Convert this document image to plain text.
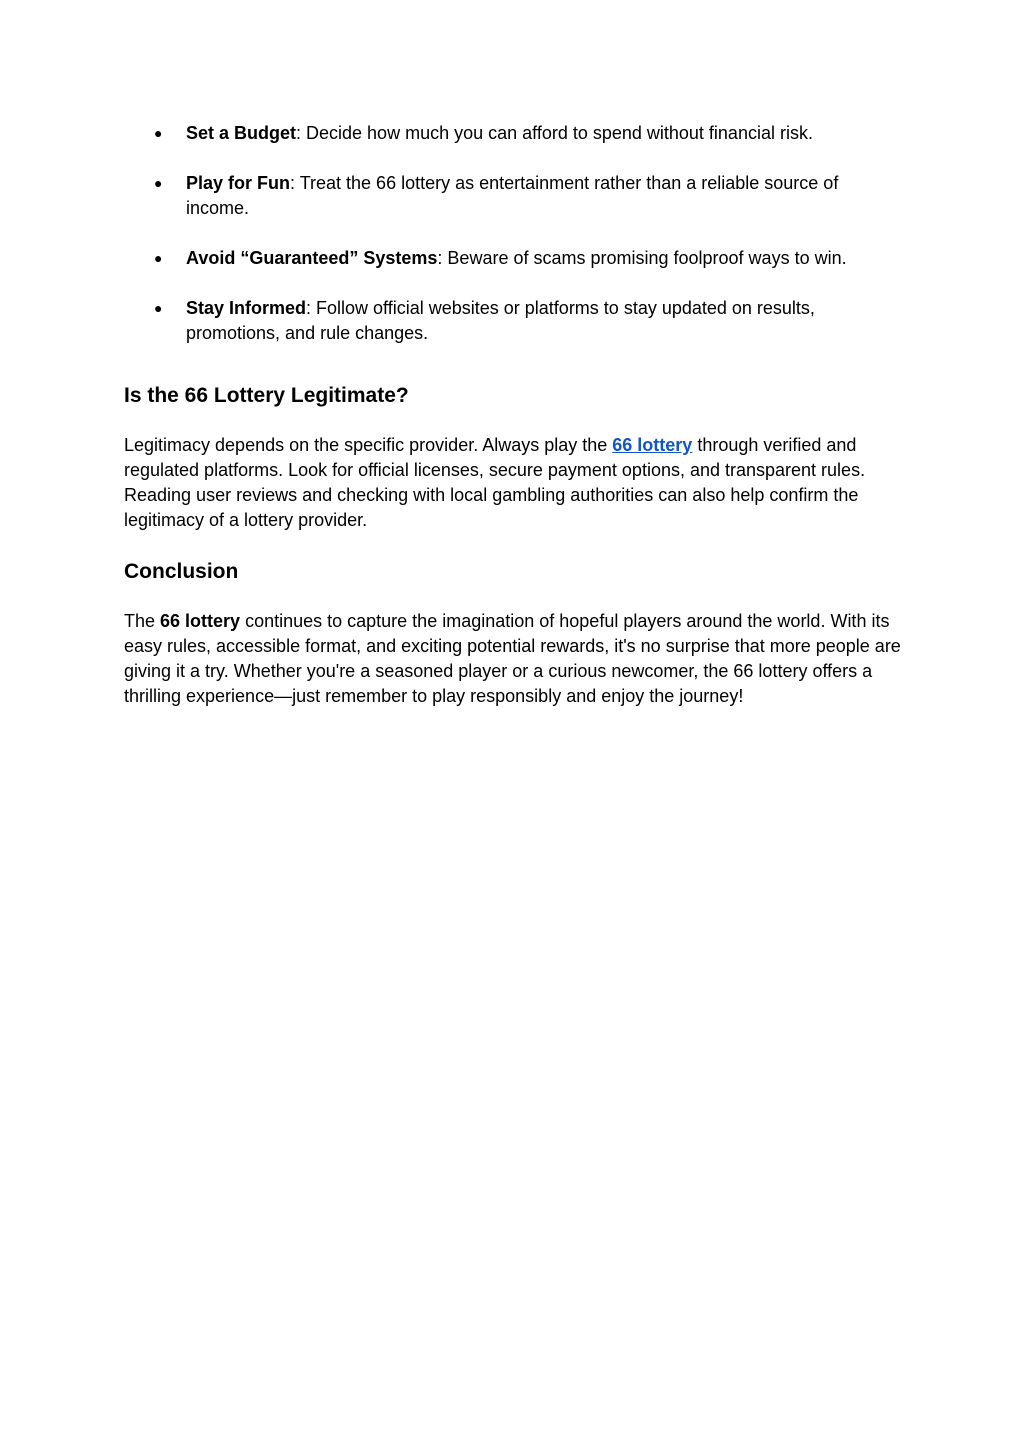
● Set a Budget: Decide how much you can afford to spend without financial risk.
● Play for Fun: Treat the 66 lottery as entertainment rather than a reliable source of income.
● Avoid “Guaranteed” Systems: Beware of scams promising foolproof ways to win.
● Stay Informed: Follow official websites or platforms to stay updated on results, promotions, and rule changes.
Is the 66 Lottery Legitimate?

Legitimacy depends on the specific provider. Always play the 66 lottery through verified and regulated platforms. Look for official licenses, secure payment options, and transparent rules. Reading user reviews and checking with local gambling authorities can also help confirm the legitimacy of a lottery provider.

Conclusion

The 66 lottery continues to capture the imagination of hopeful players around the world. With its easy rules, accessible format, and exciting potential rewards, it's no surprise that more people are giving it a try. Whether you're a seasoned player or a curious newcomer, the 66 lottery offers a thrilling experience—just remember to play responsibly and enjoy the journey!
